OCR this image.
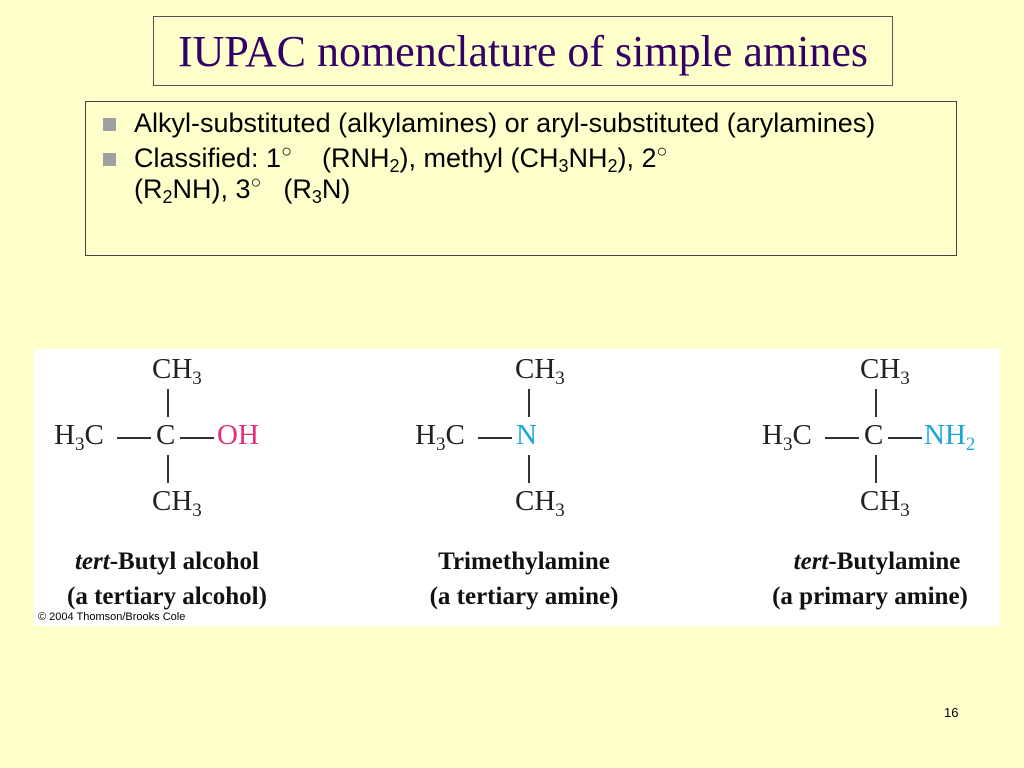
IUPAC nomenclature of simple amines
Alkyl-substituted (alkylamines) or aryl-substituted (arylamines)
Classified: 1○ $(RNH_2)$, methyl $(CH_3NH_2)$, 2○
$(R_2NH)$, 3○ $(R_3N)$
$CH_3$
$H_3C$ C OH
$CH_3$
tert-Butyl alcohol
(a tertiary alcohol)
$CH_3$
$H_3C$ N
$CH_3$
Trimethylamine
(a tertiary amine)
$CH_3$
$H_3C$ C $NH_2$
$CH_3$
tert-Butylamine
(a primary amine)
© 2004 Thomson/Brooks Cole
16
